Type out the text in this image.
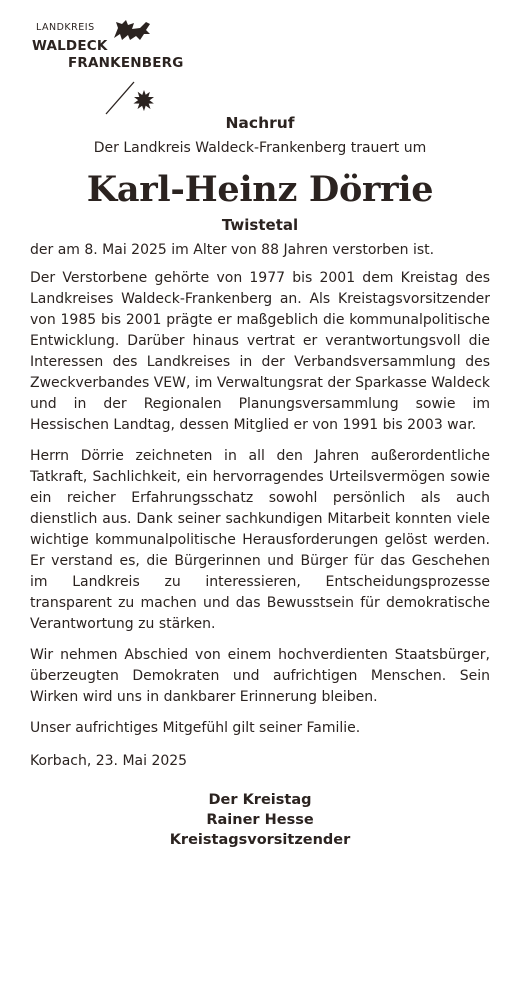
LANDKREIS
WALDECK
FRANKENBERG
Nachruf
Der Landkreis Waldeck-Frankenberg trauert um
Karl-Heinz Dörrie
Twistetal
der am 8. Mai 2025 im Alter von 88 Jahren verstorben ist.

Der Verstorbene gehörte von 1977 bis 2001 dem Kreistag des Landkreises Waldeck-Frankenberg an. Als Kreistagsvorsitzender von 1985 bis 2001 prägte er maßgeblich die kommunalpolitische Entwicklung. Darüber hinaus vertrat er verantwortungsvoll die Interessen des Landkreises in der Verbandsversammlung des Zweckverbandes VEW, im Verwaltungsrat der Sparkasse Waldeck und in der Regionalen Planungsversammlung sowie im Hessischen Landtag, dessen Mitglied er von 1991 bis 2003 war.

Herrn Dörrie zeichneten in all den Jahren außerordentliche Tatkraft, Sachlichkeit, ein hervorragendes Urteilsvermögen sowie ein reicher Erfahrungsschatz sowohl persönlich als auch dienstlich aus. Dank seiner sachkundigen Mitarbeit konnten viele wichtige kommunalpolitische Herausforderungen gelöst werden. Er verstand es, die Bürgerinnen und Bürger für das Geschehen im Landkreis zu interessieren, Entscheidungsprozesse transparent zu machen und das Bewusstsein für demokratische Verantwortung zu stärken.

Wir nehmen Abschied von einem hochverdienten Staatsbürger, überzeugten Demokraten und aufrichtigen Menschen. Sein Wirken wird uns in dankbarer Erinnerung bleiben.

Unser aufrichtiges Mitgefühl gilt seiner Familie.
Korbach, 23. Mai 2025
Der Kreistag
Rainer Hesse
Kreistagsvorsitzender
